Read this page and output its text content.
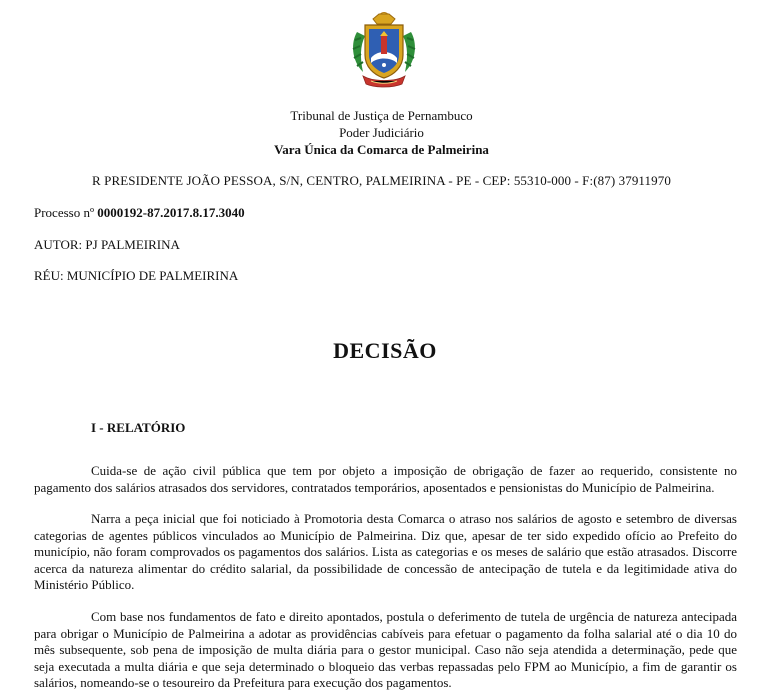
Tribunal de Justiça de Pernambuco
Poder Judiciário
Vara Única da Comarca de Palmeirina
R PRESIDENTE JOÃO PESSOA, S/N, CENTRO, PALMEIRINA - PE - CEP: 55310-000 - F:(87) 37911970
Processo nº 0000192-87.2017.8.17.3040
AUTOR: PJ PALMEIRINA
RÉU: MUNICÍPIO DE PALMEIRINA
DECISÃO
I - RELATÓRIO

Cuida-se de ação civil pública que tem por objeto a imposição de obrigação de fazer ao requerido, consistente no pagamento dos salários atrasados dos servidores, contratados temporários, aposentados e pensionistas do Município de Palmeirina.

Narra a peça inicial que foi noticiado à Promotoria desta Comarca o atraso nos salários de agosto e setembro de diversas categorias de agentes públicos vinculados ao Município de Palmeirina. Diz que, apesar de ter sido expedido ofício ao Prefeito do município, não foram comprovados os pagamentos dos salários. Lista as categorias e os meses de salário que estão atrasados. Discorre acerca da natureza alimentar do crédito salarial, da possibilidade de concessão de antecipação de tutela e da legitimidade ativa do Ministério Público.

Com base nos fundamentos de fato e direito apontados, postula o deferimento de tutela de urgência de natureza antecipada para obrigar o Município de Palmeirina a adotar as providências cabíveis para efetuar o pagamento da folha salarial até o dia 10 do mês subsequente, sob pena de imposição de multa diária para o gestor municipal. Caso não seja atendida a determinação, pede que seja executada a multa diária e que seja determinado o bloqueio das verbas repassadas pelo FPM ao Município, a fim de garantir os salários, nomeando-se o tesoureiro da Prefeitura para execução dos pagamentos.
